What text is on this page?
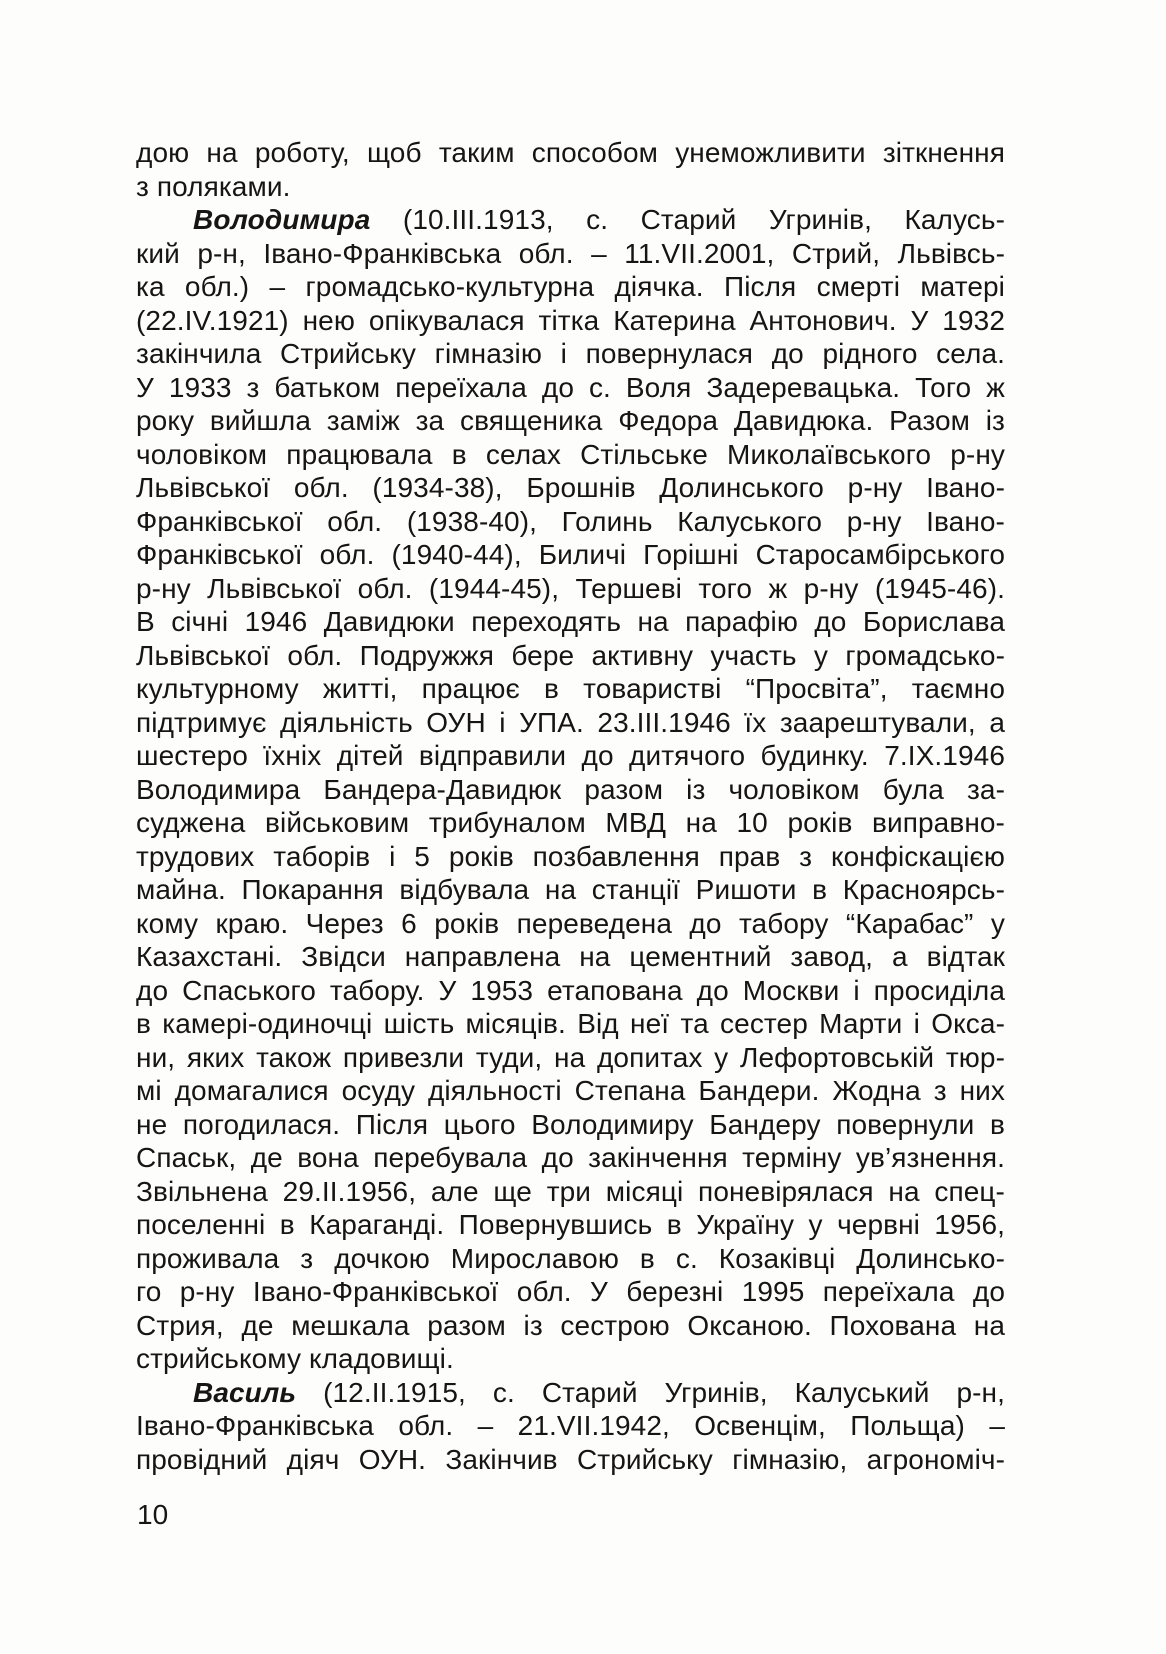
дою на роботу, щоб таким способом унеможливити зіткнення
з поляками.
Володимира (10.III.1913, с. Старий Угринів, Калусь-
кий р-н, Івано-Франківська обл. – 11.VII.2001, Стрий, Львівсь-
ка обл.) – громадсько-культурна діячка. Після смерті матері
(22.IV.1921) нею опікувалася тітка Катерина Антонович. У 1932
закінчила Стрийську гімназію і повернулася до рідного села.
У 1933 з батьком переїхала до с. Воля Задеревацька. Того ж
року вийшла заміж за священика Федора Давидюка. Разом із
чоловіком працювала в селах Стільське Миколаївського р-ну
Львівської обл. (1934-38), Брошнів Долинського р-ну Івано-
Франківської обл. (1938-40), Голинь Калуського р-ну Івано-
Франківської обл. (1940-44), Биличі Горішні Старосамбірського
р-ну Львівської обл. (1944-45), Тершеві того ж р-ну (1945-46).
В січні 1946 Давидюки переходять на парафію до Борислава
Львівської обл. Подружжя бере активну участь у громадсько-
культурному житті, працює в товаристві “Просвіта”, таємно
підтримує діяльність ОУН і УПА. 23.III.1946 їх заарештували, а
шестеро їхніх дітей відправили до дитячого будинку. 7.IX.1946
Володимира Бандера-Давидюк разом із чоловіком була за-
суджена військовим трибуналом МВД на 10 років виправно-
трудових таборів і 5 років позбавлення прав з конфіскацією
майна. Покарання відбувала на станції Ришоти в Красноярсь-
кому краю. Через 6 років переведена до табору “Карабас” у
Казахстані. Звідси направлена на цементний завод, а відтак
до Спаського табору. У 1953 етапована до Москви і просиділа
в камері-одиночці шість місяців. Від неї та сестер Марти і Окса-
ни, яких також привезли туди, на допитах у Лефортовській тюр-
мі домагалися осуду діяльності Степана Бандери. Жодна з них
не погодилася. Після цього Володимиру Бандеру повернули в
Спаськ, де вона перебувала до закінчення терміну ув’язнення.
Звільнена 29.II.1956, але ще три місяці поневірялася на спец-
поселенні в Караганді. Повернувшись в Україну у червні 1956,
проживала з дочкою Мирославою в с. Козаківці Долинсько-
го р-ну Івано-Франківської обл. У березні 1995 переїхала до
Стрия, де мешкала разом із сестрою Оксаною. Похована на
стрийському кладовищі.
Василь (12.II.1915, с. Старий Угринів, Калуський р-н,
Івано-Франківська обл. – 21.VII.1942, Освенцім, Польща) –
провідний діяч ОУН. Закінчив Стрийську гімназію, агрономіч-
10
